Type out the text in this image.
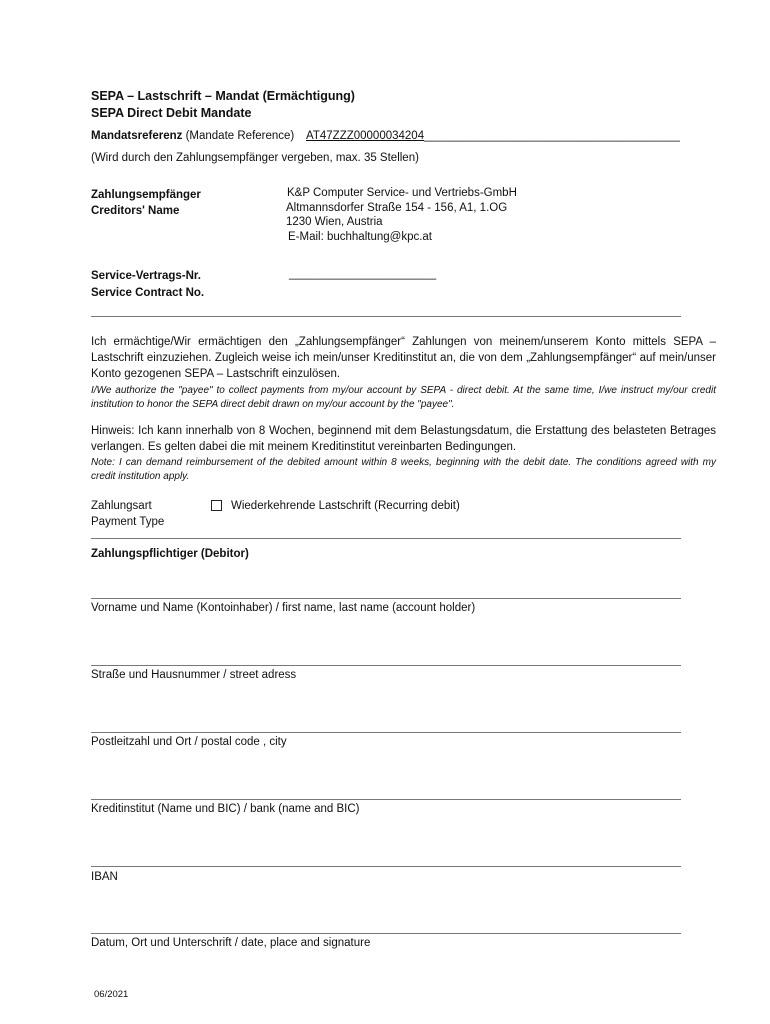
SEPA – Lastschrift – Mandat (Ermächtigung)
SEPA Direct Debit Mandate
Mandatsreferenz (Mandate Reference) AT47ZZZ00000034204________________________________________
(Wird durch den Zahlungsempfänger vergeben, max. 35 Stellen)
Zahlungsempfänger
Creditors' Name
K&P Computer Service- und Vertriebs-GmbH
Altmannsdorfer Straße 154 - 156, A1, 1.OG
1230 Wien, Austria
E-Mail: buchhaltung@kpc.at
Service-Vertrags-Nr.
Service Contract No.
_______________________
Ich ermächtige/Wir ermächtigen den „Zahlungsempfänger“ Zahlungen von meinem/unserem Konto mittels SEPA – Lastschrift einzuziehen. Zugleich weise ich mein/unser Kreditinstitut an, die von dem „Zahlungsempfänger“ auf mein/unser Konto gezogenen SEPA – Lastschrift einzulösen.
I/We authorize the "payee" to collect payments from my/our account by SEPA - direct debit. At the same time, I/we instruct my/our credit institution to honor the SEPA direct debit drawn on my/our account by the "payee".
Hinweis: Ich kann innerhalb von 8 Wochen, beginnend mit dem Belastungsdatum, die Erstattung des belasteten Betrages verlangen. Es gelten dabei die mit meinem Kreditinstitut vereinbarten Bedingungen.
Note: I can demand reimbursement of the debited amount within 8 weeks, beginning with the debit date. The conditions agreed with my credit institution apply.
Zahlungsart
Payment Type
Wiederkehrende Lastschrift (Recurring debit)
Zahlungspflichtiger (Debitor)
Vorname und Name (Kontoinhaber) / first name, last name (account holder)
Straße und Hausnummer / street adress
Postleitzahl und Ort / postal code , city
Kreditinstitut (Name und BIC) / bank (name and BIC)
IBAN
Datum, Ort und Unterschrift / date, place and signature
06/2021
